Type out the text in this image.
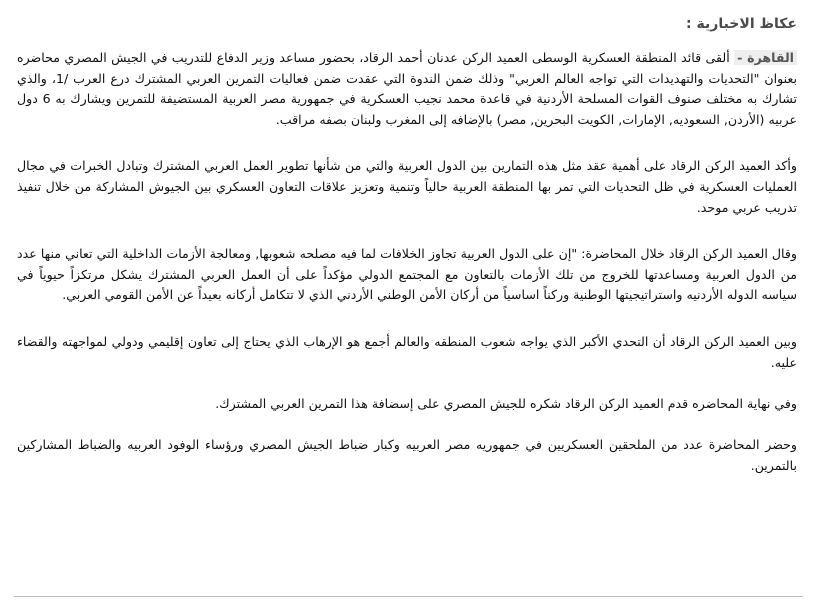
عكاظ الاخبارية :

القاهرة - ألقى قائد المنطقة العسكرية الوسطى العميد الركن عدنان أحمد الرقاد، بحضور مساعد وزير الدفاع للتدريب في الجيش المصري محاضره بعنوان "التحديات والتهديدات التي تواجه العالم العربي" وذلك ضمن الندوة التي عقدت ضمن فعاليات التمرين العربي المشترك درع العرب /1، والذي تشارك به مختلف صنوف القوات المسلحة الأردنية في قاعدة محمد نجيب العسكرية في جمهورية مصر العربية المستضيفة للتمرين ويشارك به 6 دول عربيه (الأردن, السعوديه, الإمارات, الكويت البحرين, مصر) بالإضافه إلى المغرب ولبنان بصفه مراقب.

وأكد العميد الركن الرقاد على أهمية عقد مثل هذه التمارين بين الدول العربية والتي من شأنها تطوير العمل العربي المشترك وتبادل الخبرات في مجال العمليات العسكرية في ظل التحديات التي تمر بها المنطقة العربية حالياً وتنمية وتعزيز علاقات التعاون العسكري بين الجيوش المشاركة من خلال تنفيذ تدريب عربي موحد.

وقال العميد الركن الرقاد خلال المحاضرة: "إن على الدول العربية تجاوز الخلافات لما فيه مصلحه شعوبها, ومعالجة الأزمات الداخلية التي تعاني منها عدد من الدول العربية ومساعدتها للخروج من تلك الأزمات بالتعاون مع المجتمع الدولي مؤكداً على أن العمل العربي المشترك يشكل مرتكزاً حيوياً في سياسه الدوله الأردنيه واستراتيجيتها الوطنية وركناً اساسياً من أركان الأمن الوطني الأردني الذي لا تتكامل أركانه بعيداً عن الأمن القومي العربي.

وبين العميد الركن الرقاد أن التحدي الأكبر الذي يواجه شعوب المنطقه والعالم أجمع هو الإرهاب الذي يحتاج إلى تعاون إقليمي ودولي لمواجهته والقضاء عليه.

وفي نهاية المحاضره قدم العميد الركن الرقاد شكره للجيش المصري على إسضافة هذا التمرين العربي المشترك.

وحضر المحاضرة عدد من الملحقين العسكريين في جمهوريه مصر العربيه وكبار ضباط الجيش المصري ورؤساء الوفود العربيه والضباط المشاركين بالتمرين.
